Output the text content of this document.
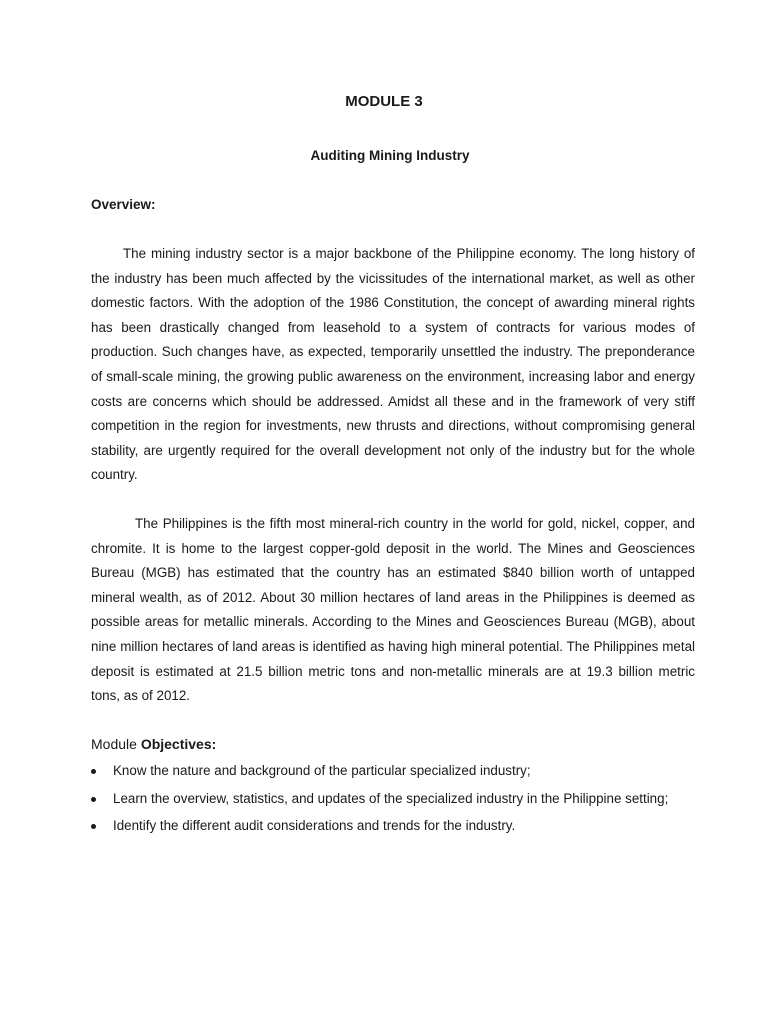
MODULE 3
Auditing Mining Industry
Overview:

The mining industry sector is a major backbone of the Philippine economy. The long history of the industry has been much affected by the vicissitudes of the international market, as well as other domestic factors. With the adoption of the 1986 Constitution, the concept of awarding mineral rights has been drastically changed from leasehold to a system of contracts for various modes of production. Such changes have, as expected, temporarily unsettled the industry. The preponderance of small-scale mining, the growing public awareness on the environment, increasing labor and energy costs are concerns which should be addressed. Amidst all these and in the framework of very stiff competition in the region for investments, new thrusts and directions, without compromising general stability, are urgently required for the overall development not only of the industry but for the whole country.

The Philippines is the fifth most mineral-rich country in the world for gold, nickel, copper, and chromite. It is home to the largest copper-gold deposit in the world. The Mines and Geosciences Bureau (MGB) has estimated that the country has an estimated $840 billion worth of untapped mineral wealth, as of 2012. About 30 million hectares of land areas in the Philippines is deemed as possible areas for metallic minerals. According to the Mines and Geosciences Bureau (MGB), about nine million hectares of land areas is identified as having high mineral potential. The Philippines metal deposit is estimated at 21.5 billion metric tons and non-metallic minerals are at 19.3 billion metric tons, as of 2012.

Module Objectives:
Know the nature and background of the particular specialized industry;
Learn the overview, statistics, and updates of the specialized industry in the Philippine setting;
Identify the different audit considerations and trends for the industry.
